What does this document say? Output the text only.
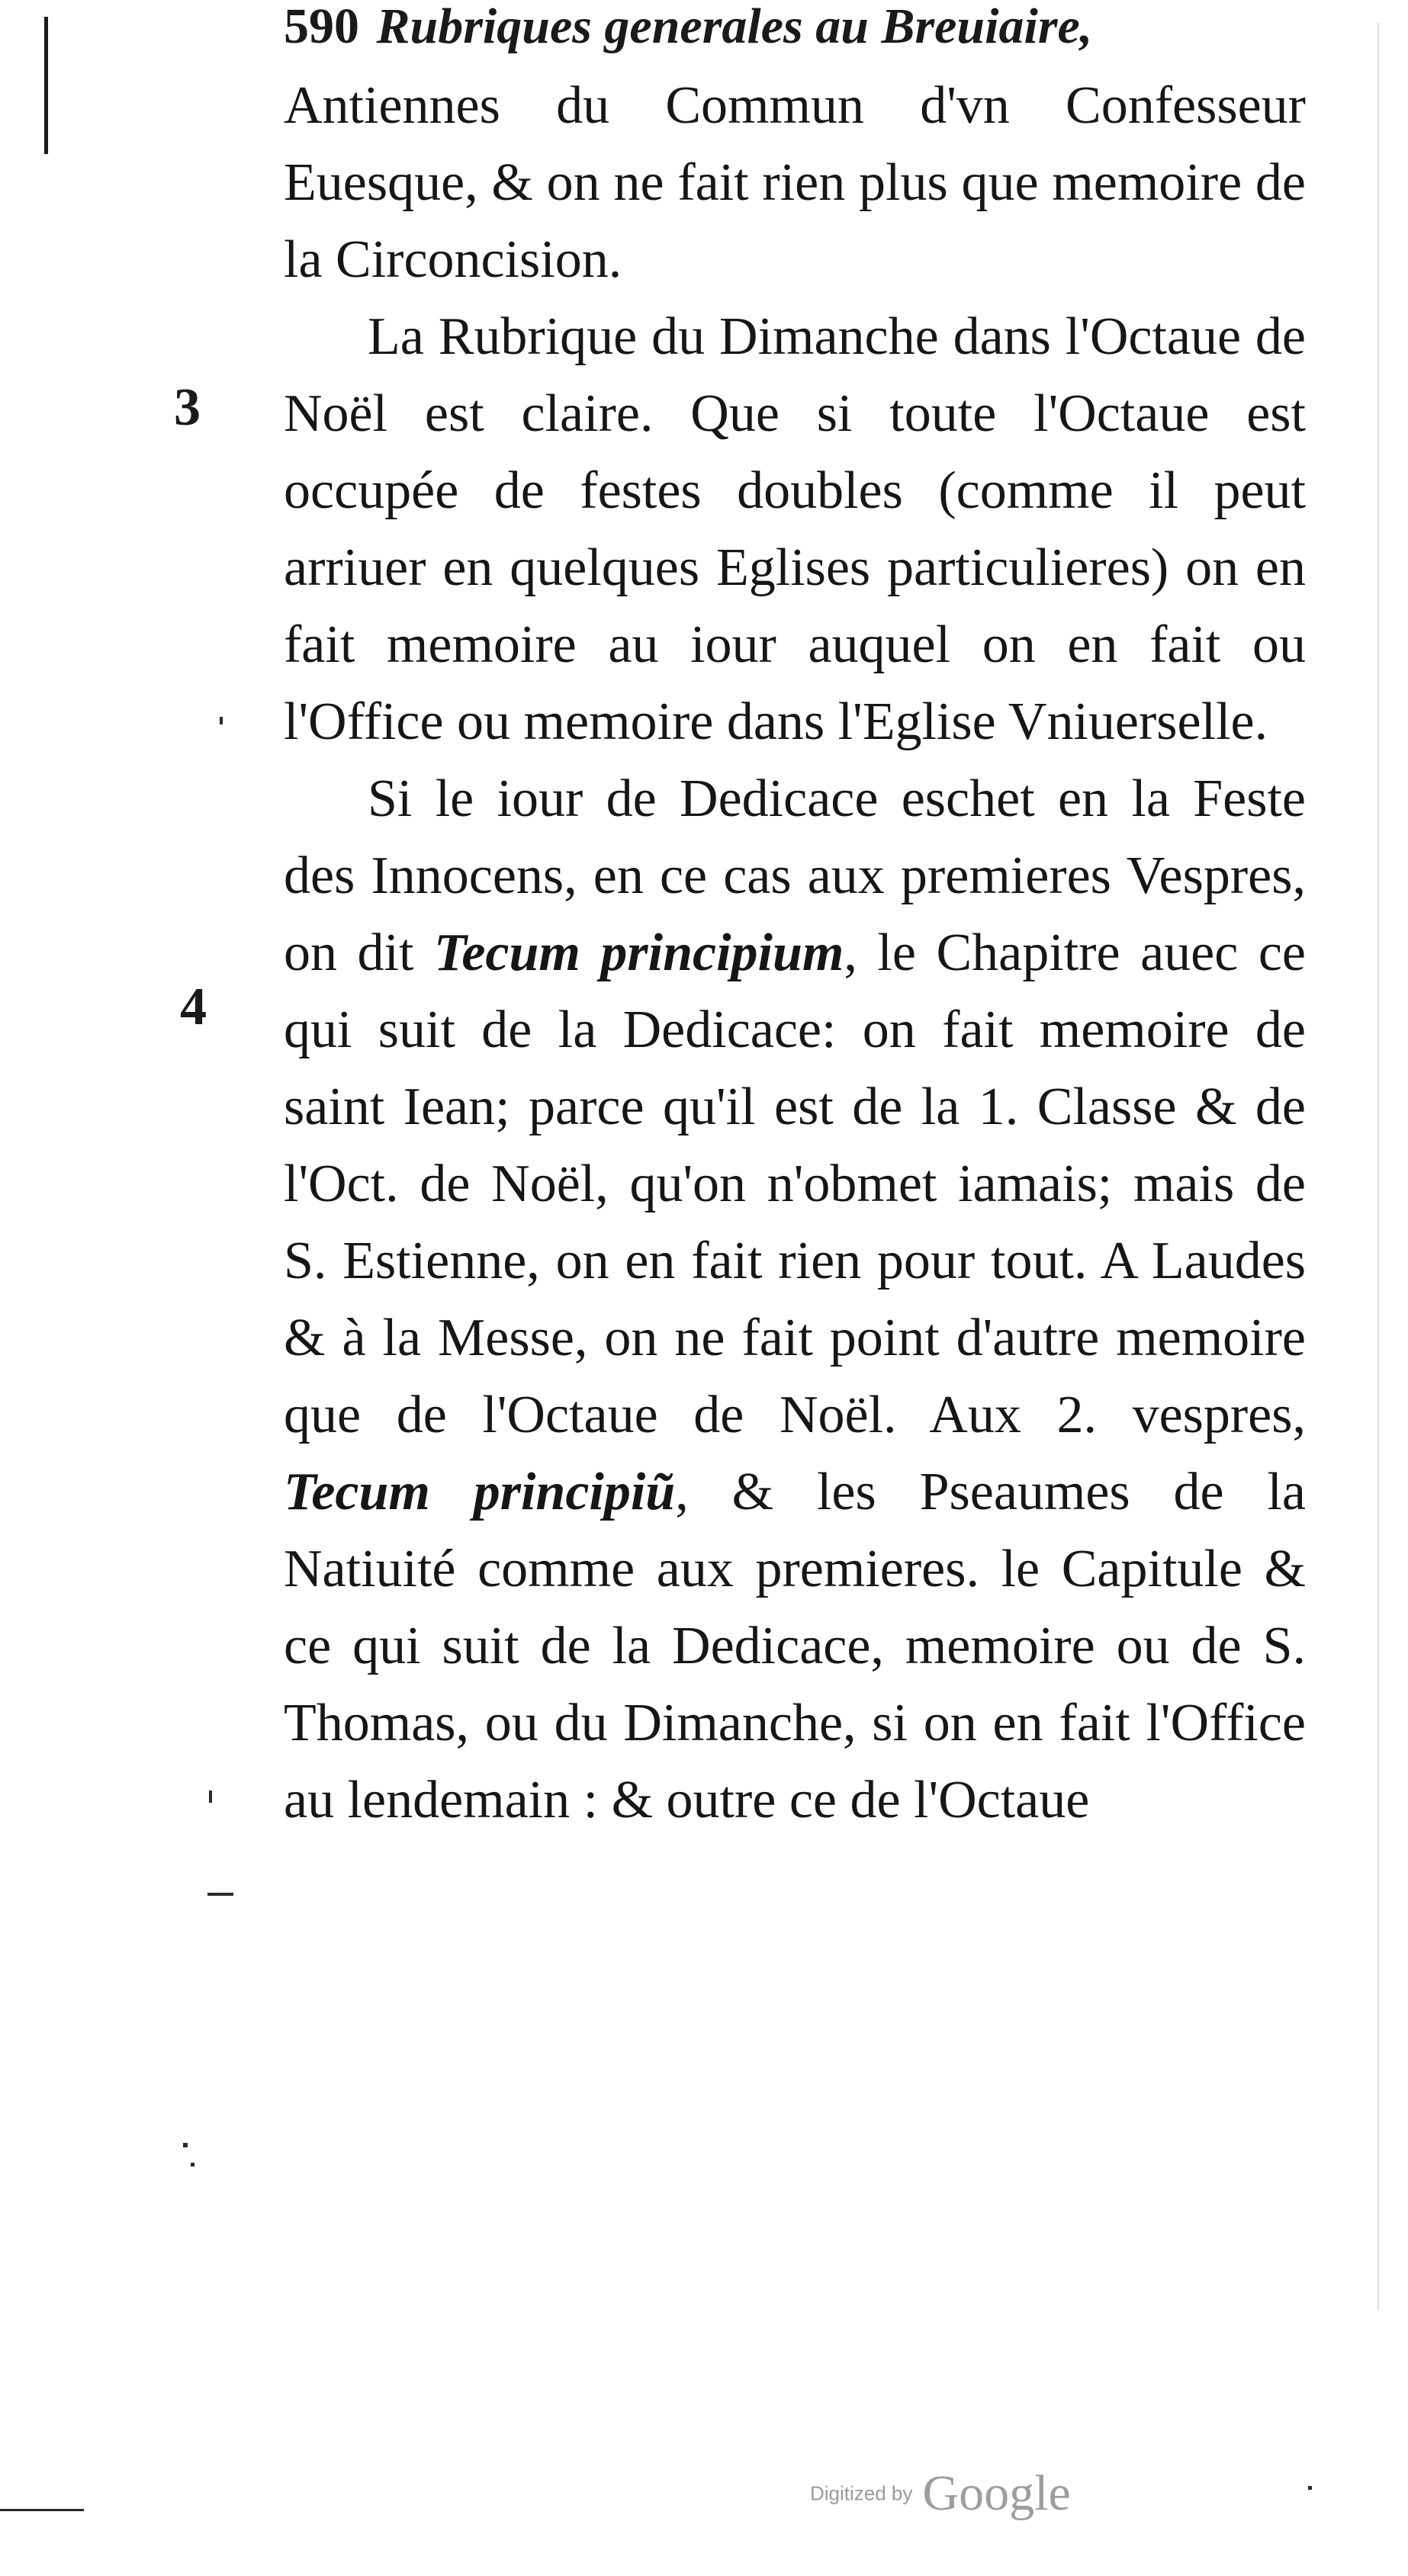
590 Rubriques generales au Breuiaire,
3
4

Antiennes du Commun d'vn Confesseur Euesque, & on ne fait rien plus que memoire de la Circoncision.

La Rubrique du Dimanche dans l'Octaue de Noël est claire. Que si toute l'Octaue est occupée de festes doubles (comme il peut arriuer en quelques Eglises particulieres) on en fait memoire au iour auquel on en fait ou l'Office ou memoire dans l'Eglise Vniuerselle.

Si le iour de Dedicace eschet en la Feste des Innocens, en ce cas aux premieres Vespres, on dit Tecum principium, le Chapitre auec ce qui suit de la Dedicace: on fait memoire de saint Iean; parce qu'il est de la 1. Classe & de l'Oct. de Noël, qu'on n'obmet iamais; mais de S. Estienne, on en fait rien pour tout. A Laudes & à la Messe, on ne fait point d'autre memoire que de l'Octaue de Noël. Aux 2. vespres, Tecum principiũ, & les Pseaumes de la Natiuité comme aux premieres. le Capitule & ce qui suit de la Dedicace, memoire ou de S. Thomas, ou du Dimanche, si on en fait l'Office au lendemain : & outre ce de l'Octaue

Digitized by Google
